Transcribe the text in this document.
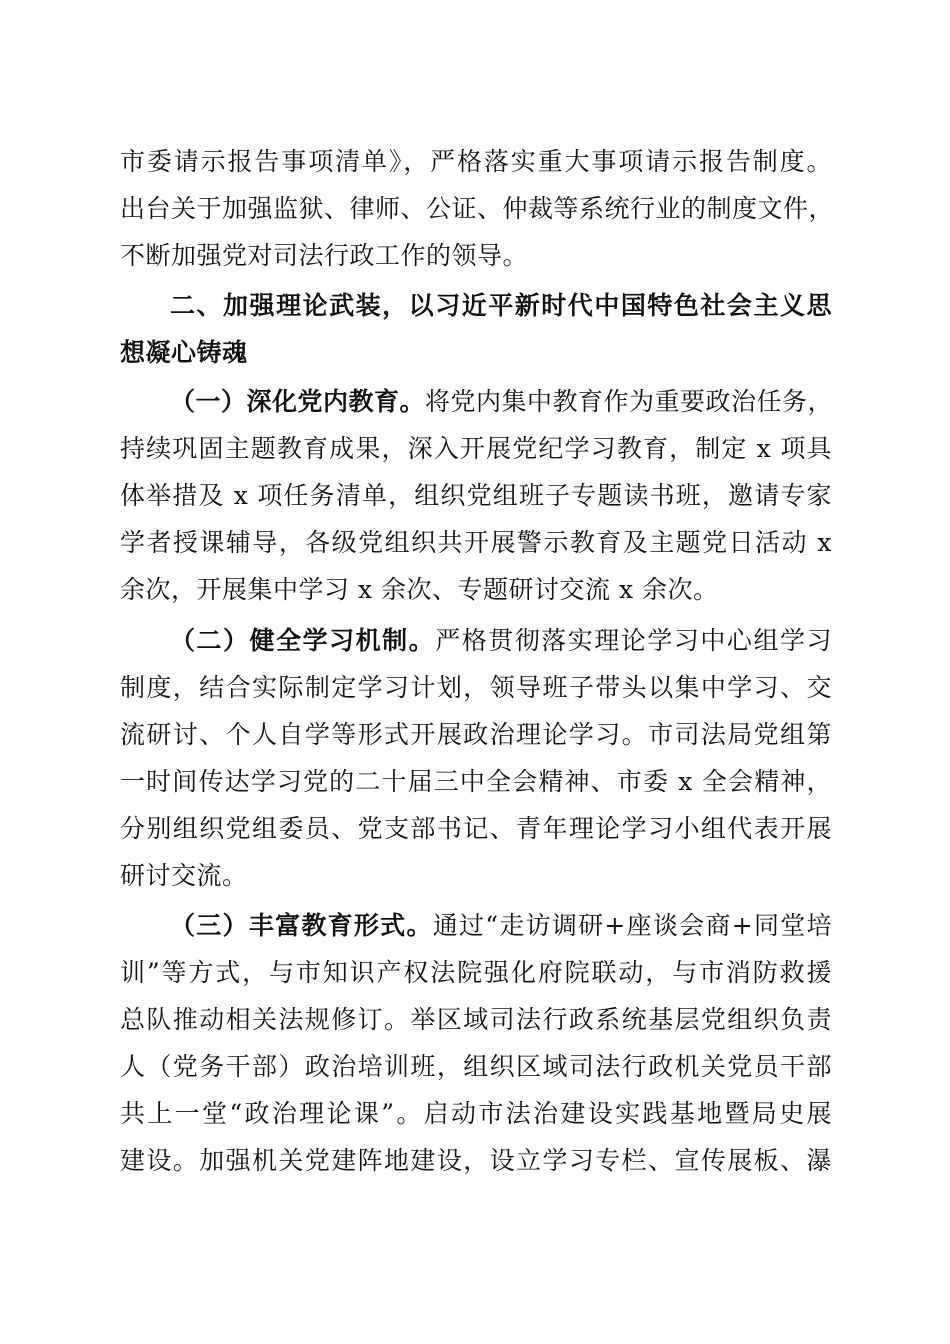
市委请示报告事项清单》，严格落实重大事项请示报告制度。
出台关于加强监狱、律师、公证、仲裁等系统行业的制度文件，
不断加强党对司法行政工作的领导。
二、加强理论武装，以习近平新时代中国特色社会主义思
想凝心铸魂
（一）深化党内教育。将党内集中教育作为重要政治任务，
持续巩固主题教育成果，深入开展党纪学习教育，制定 x 项具
体举措及 x 项任务清单，组织党组班子专题读书班，邀请专家
学者授课辅导，各级党组织共开展警示教育及主题党日活动 x
余次，开展集中学习 x 余次、专题研讨交流 x 余次。
（二）健全学习机制。严格贯彻落实理论学习中心组学习
制度，结合实际制定学习计划，领导班子带头以集中学习、交
流研讨、个人自学等形式开展政治理论学习。市司法局党组第
一时间传达学习党的二十届三中全会精神、市委 x 全会精神，
分别组织党组委员、党支部书记、青年理论学习小组代表开展
研讨交流。
（三）丰富教育形式。通过“走访调研+座谈会商+同堂培
训”等方式，与市知识产权法院强化府院联动，与市消防救援
总队推动相关法规修订。举区域司法行政系统基层党组织负责
人（党务干部）政治培训班，组织区域司法行政机关党员干部
共上一堂“政治理论课”。启动市法治建设实践基地暨局史展
建设。加强机关党建阵地建设，设立学习专栏、宣传展板、瀑
